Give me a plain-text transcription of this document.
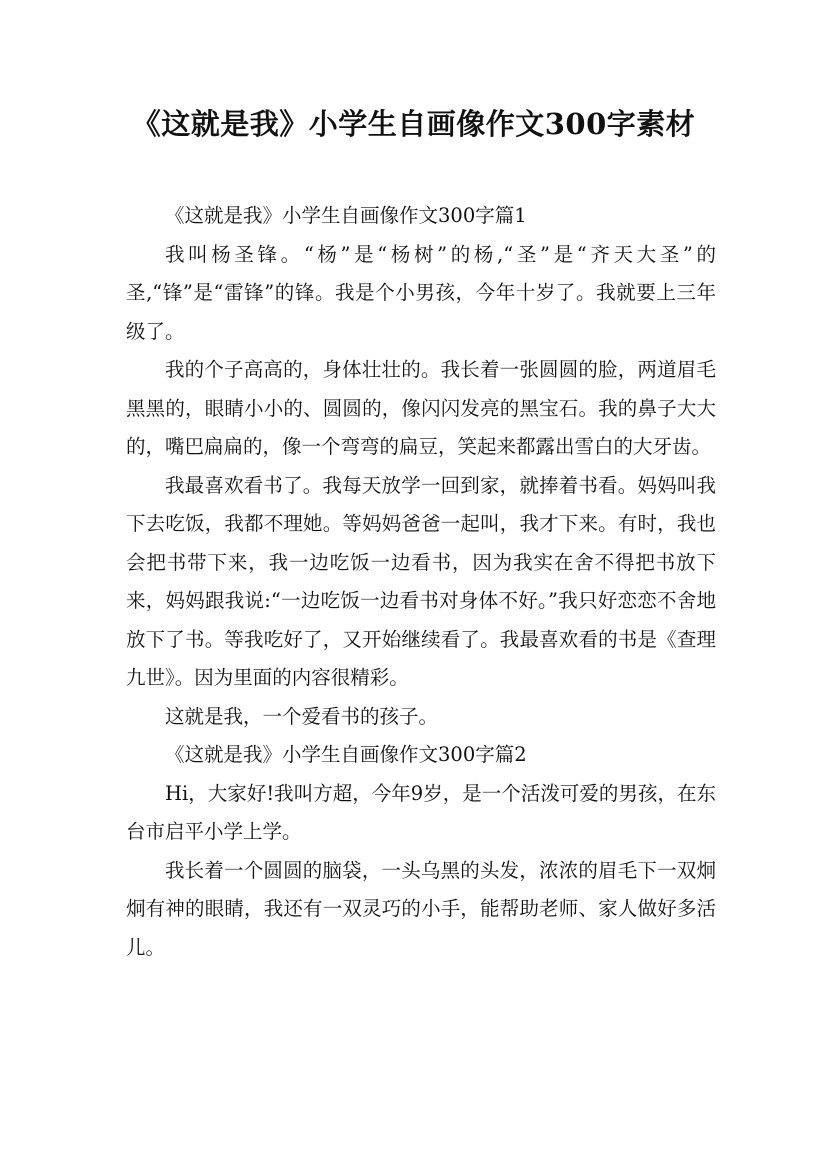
《这就是我》小学生自画像作文300字素材

《这就是我》小学生自画像作文300字篇1

我叫杨圣锋。“杨”是“杨树”的杨,“圣”是“齐天大圣”的圣,“锋”是“雷锋”的锋。我是个小男孩，今年十岁了。我就要上三年级了。

我的个子高高的，身体壮壮的。我长着一张圆圆的脸，两道眉毛黑黑的，眼睛小小的、圆圆的，像闪闪发亮的黑宝石。我的鼻子大大的，嘴巴扁扁的，像一个弯弯的扁豆，笑起来都露出雪白的大牙齿。

我最喜欢看书了。我每天放学一回到家，就捧着书看。妈妈叫我下去吃饭，我都不理她。等妈妈爸爸一起叫，我才下来。有时，我也会把书带下来，我一边吃饭一边看书，因为我实在舍不得把书放下来，妈妈跟我说:“一边吃饭一边看书对身体不好。”我只好恋恋不舍地放下了书。等我吃好了，又开始继续看了。我最喜欢看的书是《查理九世》。因为里面的内容很精彩。

这就是我，一个爱看书的孩子。

《这就是我》小学生自画像作文300字篇2

Hi，大家好!我叫方超，今年9岁，是一个活泼可爱的男孩，在东台市启平小学上学。

我长着一个圆圆的脑袋，一头乌黑的头发，浓浓的眉毛下一双炯炯有神的眼睛，我还有一双灵巧的小手，能帮助老师、家人做好多活儿。
